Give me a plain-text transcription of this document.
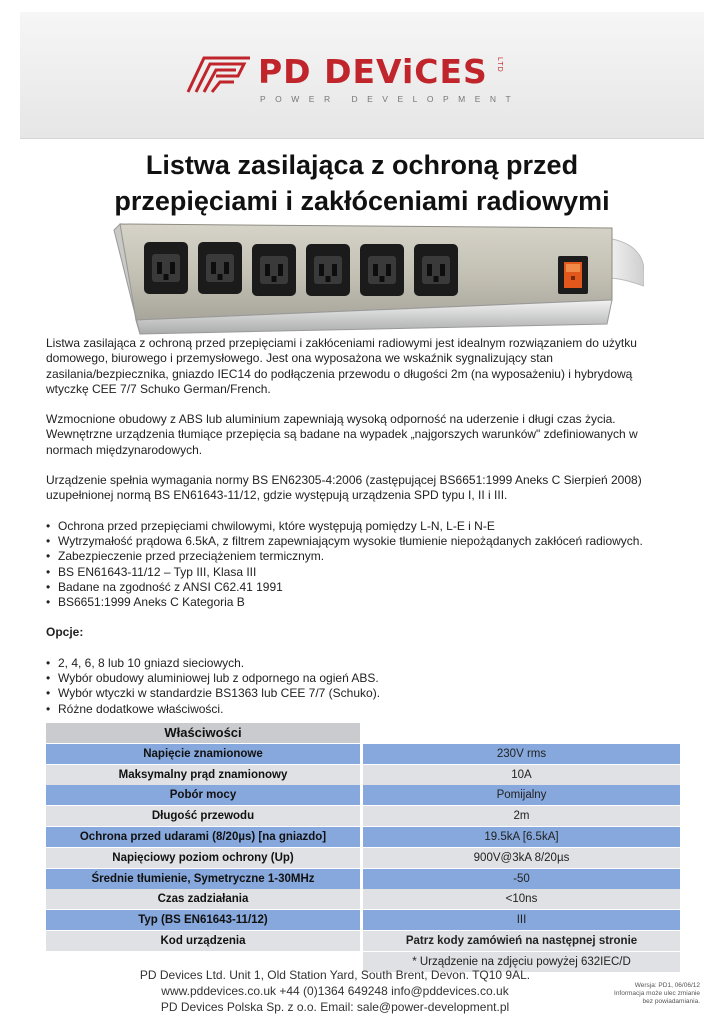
PD DEViCES LTD
POWER DEVELOPMENT
Listwa zasilająca z ochroną przed
przepięciami i zakłóceniami radiowymi

Listwa zasilająca z ochroną przed przepięciami i zakłóceniami radiowymi jest idealnym rozwiązaniem do użytku domowego, biurowego i przemysłowego. Jest ona wyposażona we wskaźnik sygnalizujący stan zasilania/bezpiecznika, gniazdo IEC14 do podłączenia przewodu o długości 2m (na wyposażeniu) i hybrydową wtyczkę CEE 7/7 Schuko German/French.

Wzmocnione obudowy z ABS lub aluminium zapewniają wysoką odporność na uderzenie i długi czas życia. Wewnętrzne urządzenia tłumiące przepięcia są badane na wypadek „najgorszych warunków" zdefiniowanych w normach międzynarodowych.

Urządzenie spełnia wymagania normy BS EN62305-4:2006 (zastępującej BS6651:1999 Aneks C Sierpień 2008) uzupełnionej normą BS EN61643-11/12, gdzie występują urządzenia SPD typu I, II i III.

• Ochrona przed przepięciami chwilowymi, które występują pomiędzy L-N, L-E i N-E
• Wytrzymałość prądowa 6.5kA, z filtrem zapewniającym wysokie tłumienie niepożądanych zakłóceń radiowych.
• Zabezpieczenie przed przeciążeniem termicznym.
• BS EN61643-11/12 – Typ III, Klasa III
• Badane na zgodność z ANSI C62.41 1991
• BS6651:1999 Aneks C Kategoria B

Opcje:

• 2, 4, 6, 8 lub 10 gniazd sieciowych.
• Wybór obudowy aluminiowej lub z odpornego na ogień ABS.
• Wybór wtyczki w standardzie BS1363 lub CEE 7/7 (Schuko).
• Różne dodatkowe właściwości.
Właściwości
Napięcie znamionowe	230V rms
Maksymalny prąd znamionowy	10A
Pobór mocy	Pomijalny
Długość przewodu	2m
Ochrona przed udarami (8/20µs) [na gniazdo]	19.5kA [6.5kA]
Napięciowy poziom ochrony (Up)	900V@3kA 8/20µs
Średnie tłumienie, Symetryczne 1-30MHz	-50
Czas zadziałania	<10ns
Typ (BS EN61643-11/12)	III
Kod urządzenia	Patrz kody zamówień na następnej stronie
* Urządzenie na zdjęciu powyżej 632IEC/D
PD Devices Ltd. Unit 1, Old Station Yard, South Brent, Devon. TQ10 9AL.
www.pddevices.co.uk +44 (0)1364 649248 info@pddevices.co.uk
PD Devices Polska Sp. z o.o. Email: sale@power-development.pl
Wersja: PD1, 06/06/12
Informacja może ulec zmianie
bez powiadamiania.
